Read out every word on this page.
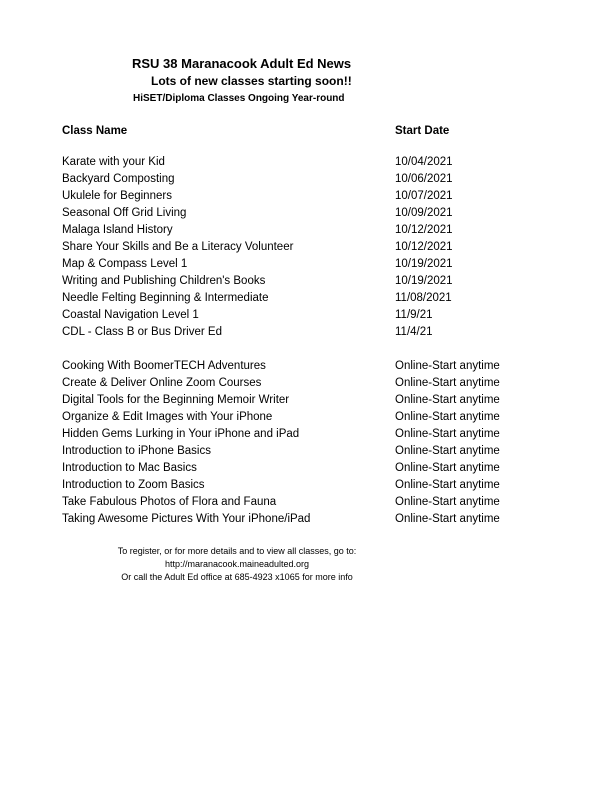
RSU 38 Maranacook Adult Ed News
Lots of new classes starting soon!!
HiSET/Diploma Classes Ongoing Year-round
Class Name	Start Date
Karate with your Kid	10/04/2021
Backyard Composting	10/06/2021
Ukulele for Beginners	10/07/2021
Seasonal Off Grid Living	10/09/2021
Malaga Island History	10/12/2021
Share Your Skills and Be a Literacy Volunteer	10/12/2021
Map & Compass Level 1	10/19/2021
Writing and Publishing Children's Books	10/19/2021
Needle Felting Beginning & Intermediate	11/08/2021
Coastal Navigation Level 1	11/9/21
CDL - Class B or Bus Driver Ed	11/4/21
Cooking With BoomerTECH Adventures	Online-Start anytime
Create & Deliver Online Zoom Courses	Online-Start anytime
Digital Tools for the Beginning Memoir Writer	Online-Start anytime
Organize & Edit Images with Your iPhone	Online-Start anytime
Hidden Gems Lurking in Your iPhone and iPad	Online-Start anytime
Introduction to iPhone Basics	Online-Start anytime
Introduction to Mac Basics	Online-Start anytime
Introduction to Zoom Basics	Online-Start anytime
Take Fabulous Photos of Flora and Fauna	Online-Start anytime
Taking Awesome Pictures With Your iPhone/iPad	Online-Start anytime
To register, or for more details and to view all classes, go to:
http://maranacook.maineadulted.org
Or call the Adult Ed office at 685-4923 x1065 for more info
